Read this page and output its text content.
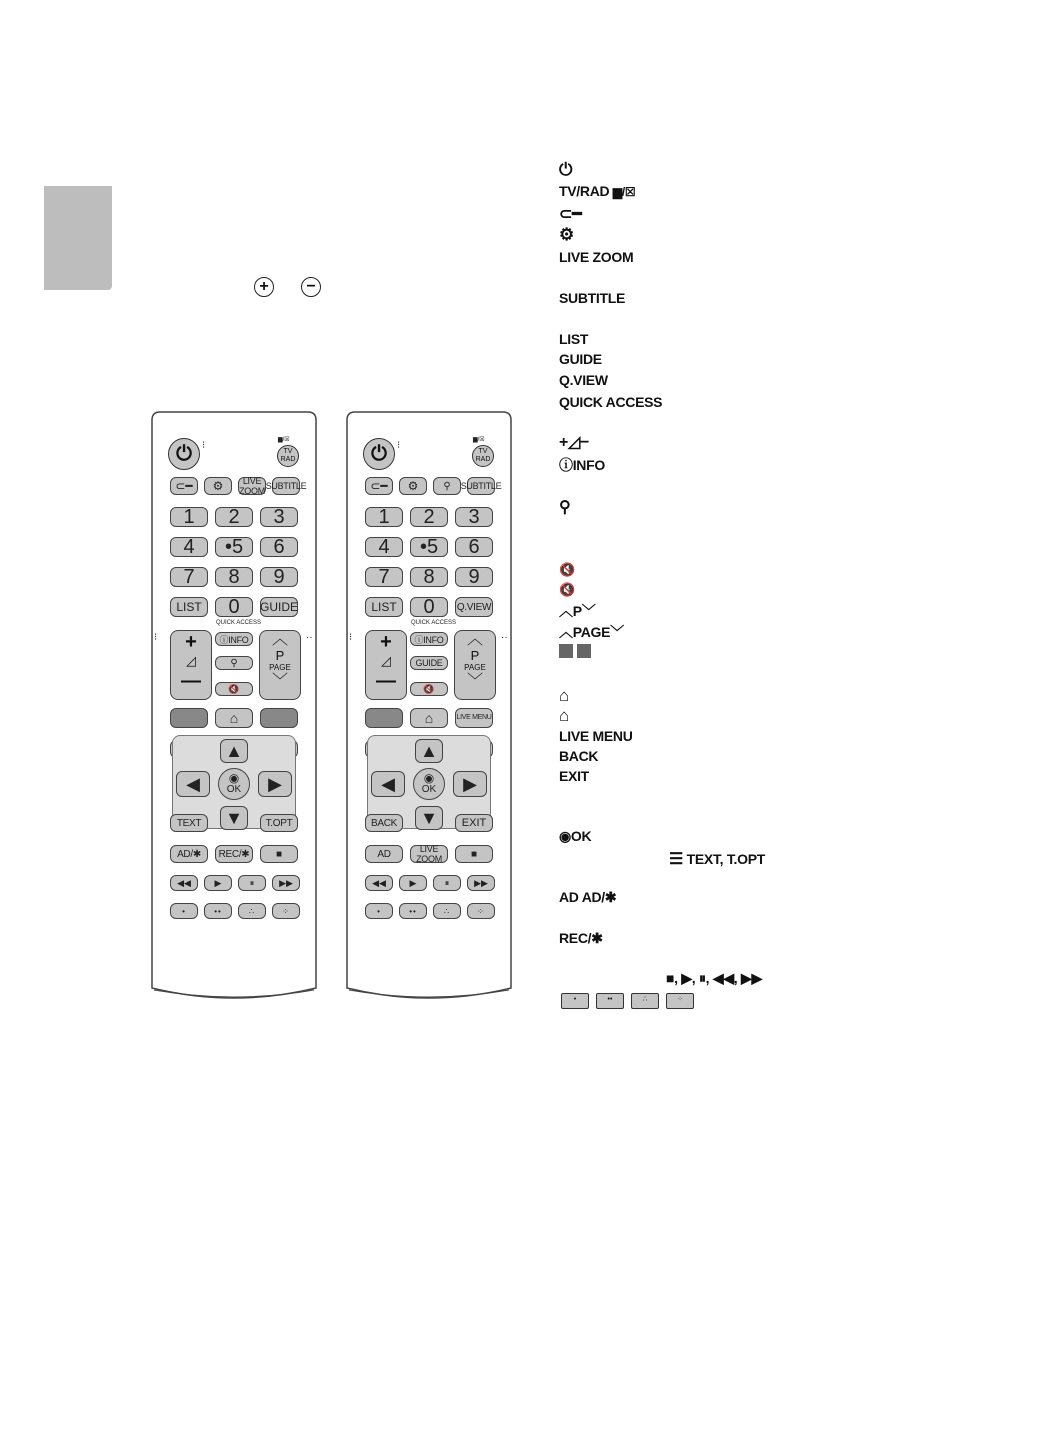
+	−
⏻	⁝	▆/☒
TV
RAD
⊂━	⚙	LIVE ZOOM SUBTITLE
1	2	3
4	•5	6
7	8	9
LIST	0	GUIDE
QUICK ACCESS
⁝	+
◿
—
ⓘINFO
⚲
🔇
︿
P
PAGE
﹀
··
⌂
▲
◀	◉
OK	▶
▼
TEXT	T.OPT
AD/✱	REC/✱	■
◀◀	▶	⏸	▶▶
•	••	∴	⁘
⏻	⁝	▆/☒
TV
RAD
⊂━	⚙	⚲	SUBTITLE
1	2	3
4	•5	6
7	8	9
LIST	0	Q.VIEW
QUICK ACCESS
⁝	+
◿
—
ⓘINFO
GUIDE
🔇
︿
P
PAGE
﹀
··
⌂	LIVE MENU
▲
◀	◉
OK	▶
▼
BACK	EXIT
AD	LIVE ZOOM	■
◀◀	▶	⏸	▶▶
•	••	∴	⁘
⏻
TV/RAD ▆/☒
⊂━
⚙
LIVE ZOOM
SUBTITLE
LIST
GUIDE
Q.VIEW
QUICK ACCESS
+◿−
ⓘINFO
⚲
🔇
🔇
︿P﹀
︿PAGE﹀

⌂
⌂
LIVE MENU
BACK
EXIT
◉OK
☰ TEXT, T.OPT
AD AD/✱
REC/✱
■, ▶, ⏸, ◀◀, ▶▶
•	••	∴	⁘
